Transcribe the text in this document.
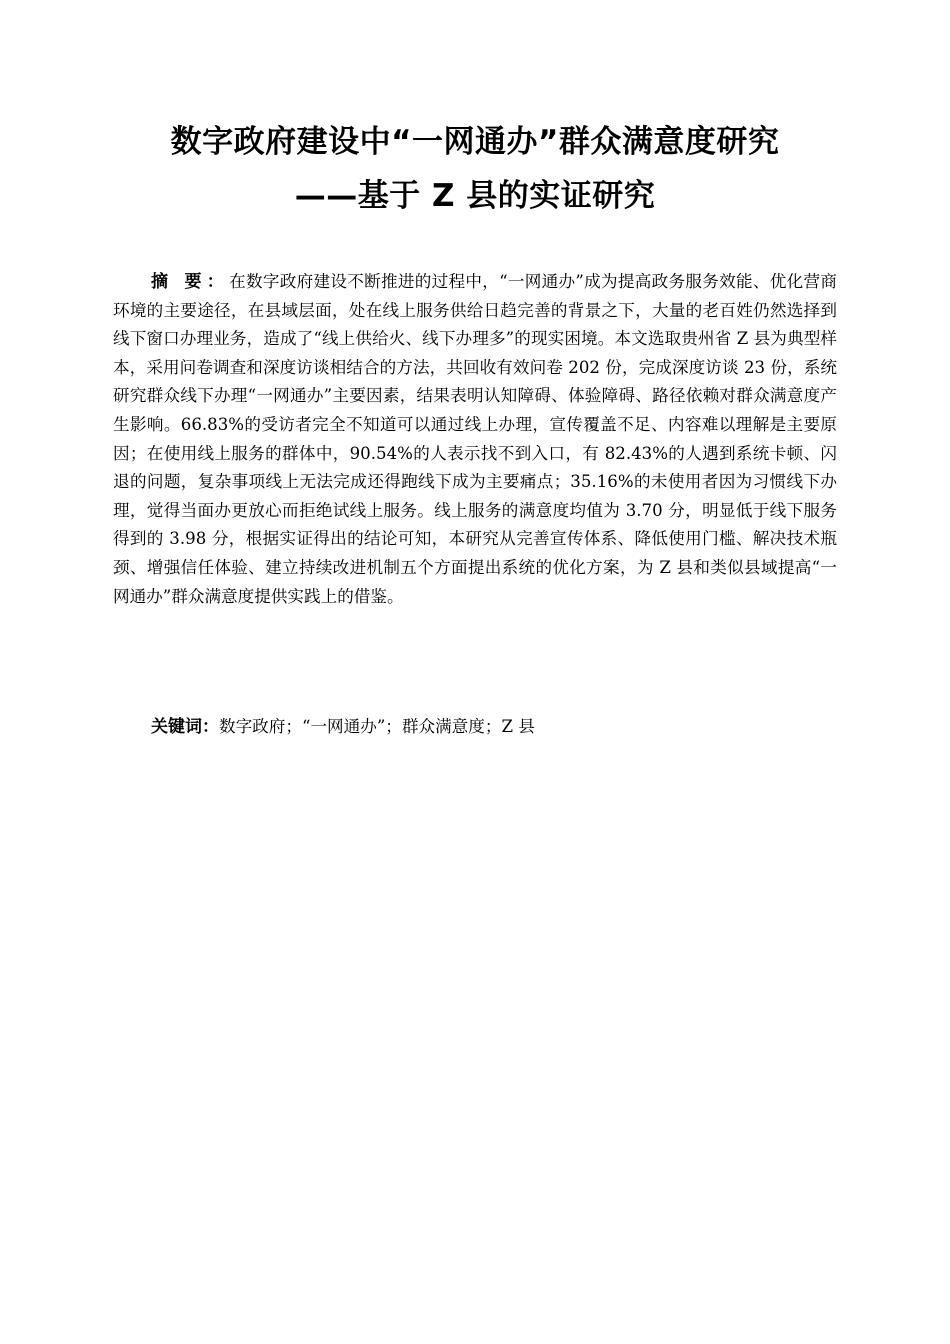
数字政府建设中“一网通办”群众满意度研究
——基于 Z 县的实证研究

摘 要：在数字政府建设不断推进的过程中，“一网通办”成为提高政务服务效能、优化营商环境的主要途径，在县域层面，处在线上服务供给日趋完善的背景之下，大量的老百姓仍然选择到线下窗口办理业务，造成了“线上供给火、线下办理多”的现实困境。本文选取贵州省 Z 县为典型样本，采用问卷调查和深度访谈相结合的方法，共回收有效问卷 202 份，完成深度访谈 23 份，系统研究群众线下办理“一网通办”主要因素，结果表明认知障碍、体验障碍、路径依赖对群众满意度产生影响。66.83%的受访者完全不知道可以通过线上办理，宣传覆盖不足、内容难以理解是主要原因；在使用线上服务的群体中，90.54%的人表示找不到入口，有 82.43%的人遇到系统卡顿、闪退的问题，复杂事项线上无法完成还得跑线下成为主要痛点；35.16%的未使用者因为习惯线下办理，觉得当面办更放心而拒绝试线上服务。线上服务的满意度均值为 3.70 分，明显低于线下服务得到的 3.98 分，根据实证得出的结论可知，本研究从完善宣传体系、降低使用门槛、解决技术瓶颈、增强信任体验、建立持续改进机制五个方面提出系统的优化方案，为 Z 县和类似县域提高“一网通办”群众满意度提供实践上的借鉴。

关键词：数字政府；“一网通办”；群众满意度；Z 县
